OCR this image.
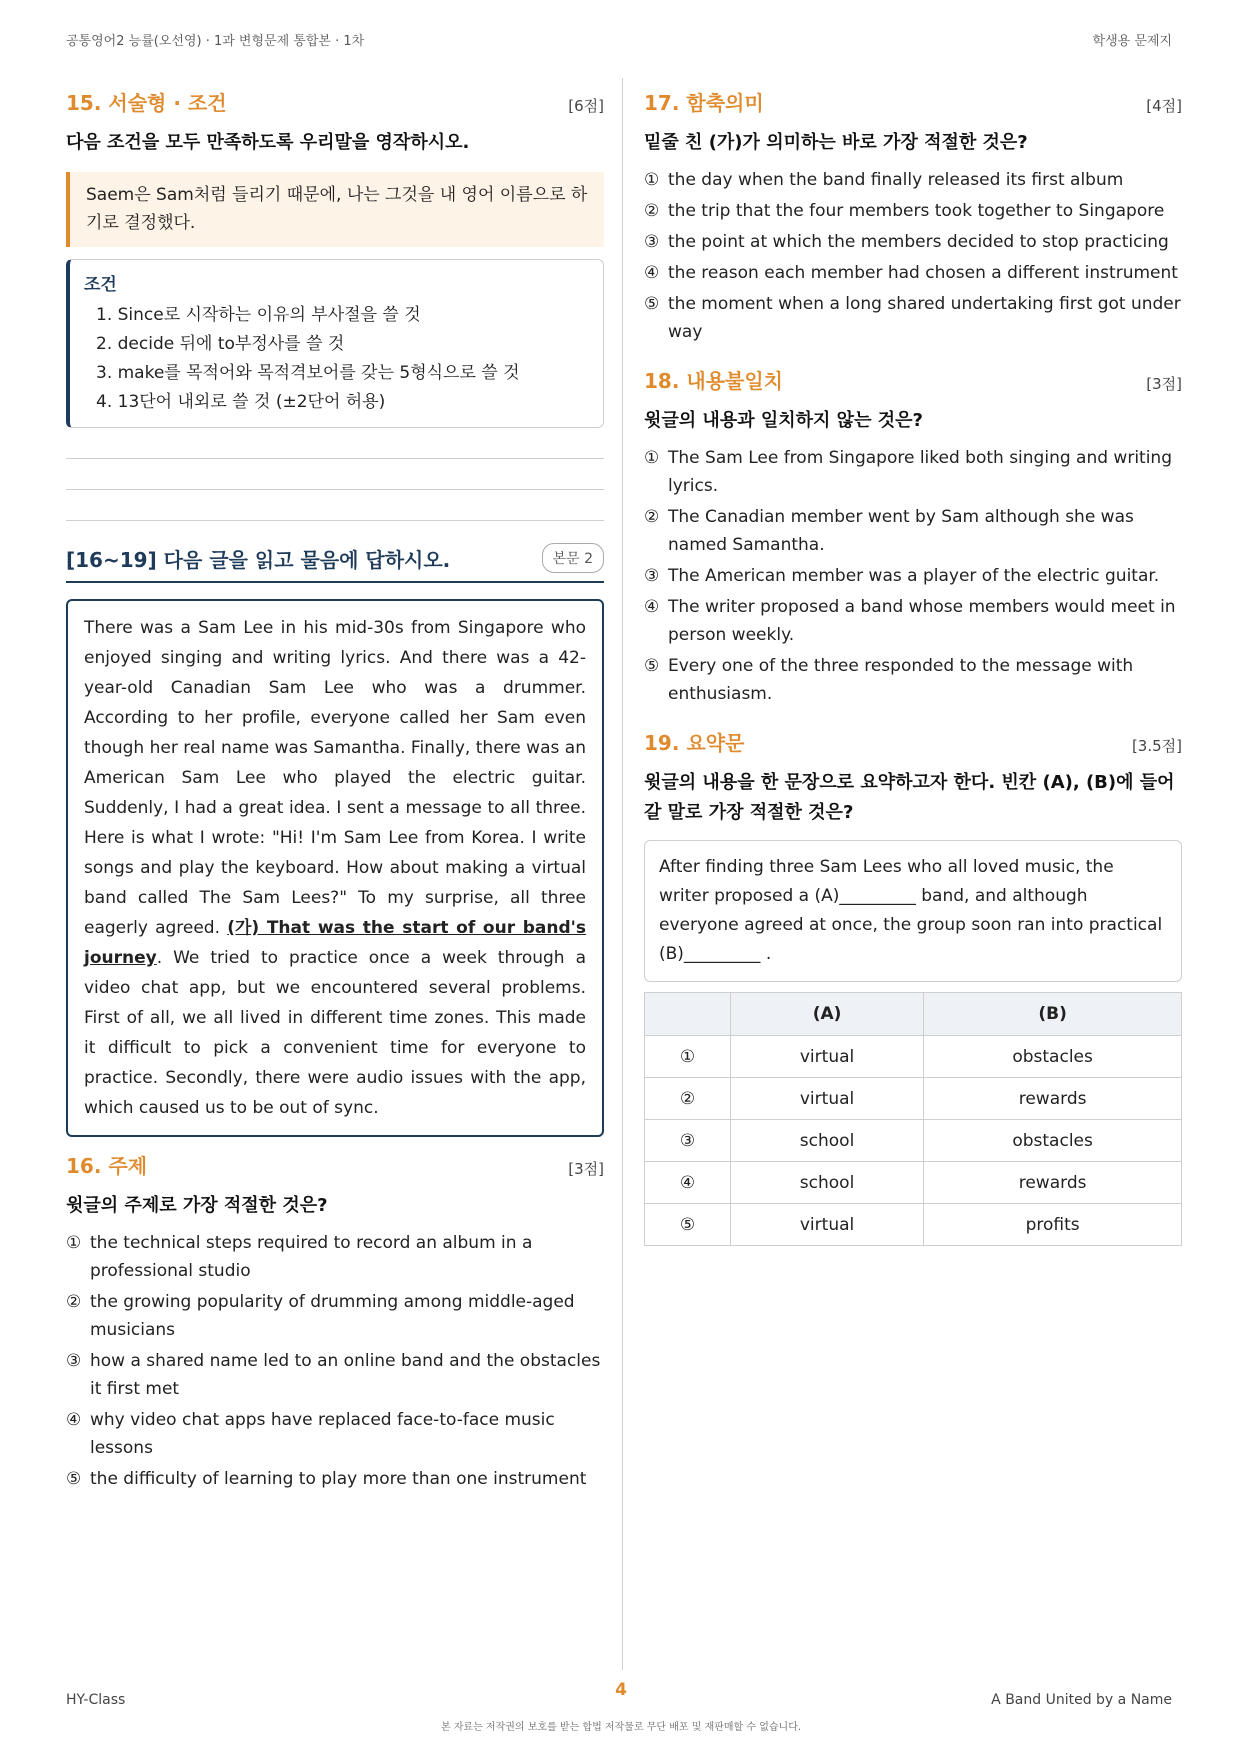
공통영어2 능률(오선영) · 1과 변형문제 통합본 · 1차	학생용 문제지
15. 서술형 · 조건	[6점]
다음 조건을 모두 만족하도록 우리말을 영작하시오.
Saem은 Sam처럼 들리기 때문에, 나는 그것을 내 영어 이름으로 하기로 결정했다.
조건
1. Since로 시작하는 이유의 부사절을 쓸 것
2. decide 뒤에 to부정사를 쓸 것
3. make를 목적어와 목적격보어를 갖는 5형식으로 쓸 것
4. 13단어 내외로 쓸 것 (±2단어 허용)
[16~19] 다음 글을 읽고 물음에 답하시오.	본문 2
There was a Sam Lee in his mid-30s from Singapore who enjoyed singing and writing lyrics. And there was a 42-year-old Canadian Sam Lee who was a drummer. According to her profile, everyone called her Sam even though her real name was Samantha. Finally, there was an American Sam Lee who played the electric guitar. Suddenly, I had a great idea. I sent a message to all three. Here is what I wrote: "Hi! I'm Sam Lee from Korea. I write songs and play the keyboard. How about making a virtual band called The Sam Lees?" To my surprise, all three eagerly agreed. (가) That was the start of our band's journey. We tried to practice once a week through a video chat app, but we encountered several problems. First of all, we all lived in different time zones. This made it difficult to pick a convenient time for everyone to practice. Secondly, there were audio issues with the app, which caused us to be out of sync.
16. 주제	[3점]
윗글의 주제로 가장 적절한 것은?
① the technical steps required to record an album in a professional studio
② the growing popularity of drumming among middle-aged musicians
③ how a shared name led to an online band and the obstacles it first met
④ why video chat apps have replaced face-to-face music lessons
⑤ the difficulty of learning to play more than one instrument
17. 함축의미	[4점]
밑줄 친 (가)가 의미하는 바로 가장 적절한 것은?
① the day when the band finally released its first album
② the trip that the four members took together to Singapore
③ the point at which the members decided to stop practicing
④ the reason each member had chosen a different instrument
⑤ the moment when a long shared undertaking first got under way
18. 내용불일치	[3점]
윗글의 내용과 일치하지 않는 것은?
① The Sam Lee from Singapore liked both singing and writing lyrics.
② The Canadian member went by Sam although she was named Samantha.
③ The American member was a player of the electric guitar.
④ The writer proposed a band whose members would meet in person weekly.
⑤ Every one of the three responded to the message with enthusiasm.
19. 요약문	[3.5점]
윗글의 내용을 한 문장으로 요약하고자 한다. 빈칸 (A), (B)에 들어갈 말로 가장 적절한 것은?
After finding three Sam Lees who all loved music, the writer proposed a (A)_________ band, and although everyone agreed at once, the group soon ran into practical (B)_________ .
	(A)	(B)
①	virtual	obstacles
②	virtual	rewards
③	school	obstacles
④	school	rewards
⑤	virtual	profits
HY-Class	4	A Band United by a Name
본 자료는 저작권의 보호를 받는 합법 저작물로 무단 배포 및 재판매할 수 없습니다.
